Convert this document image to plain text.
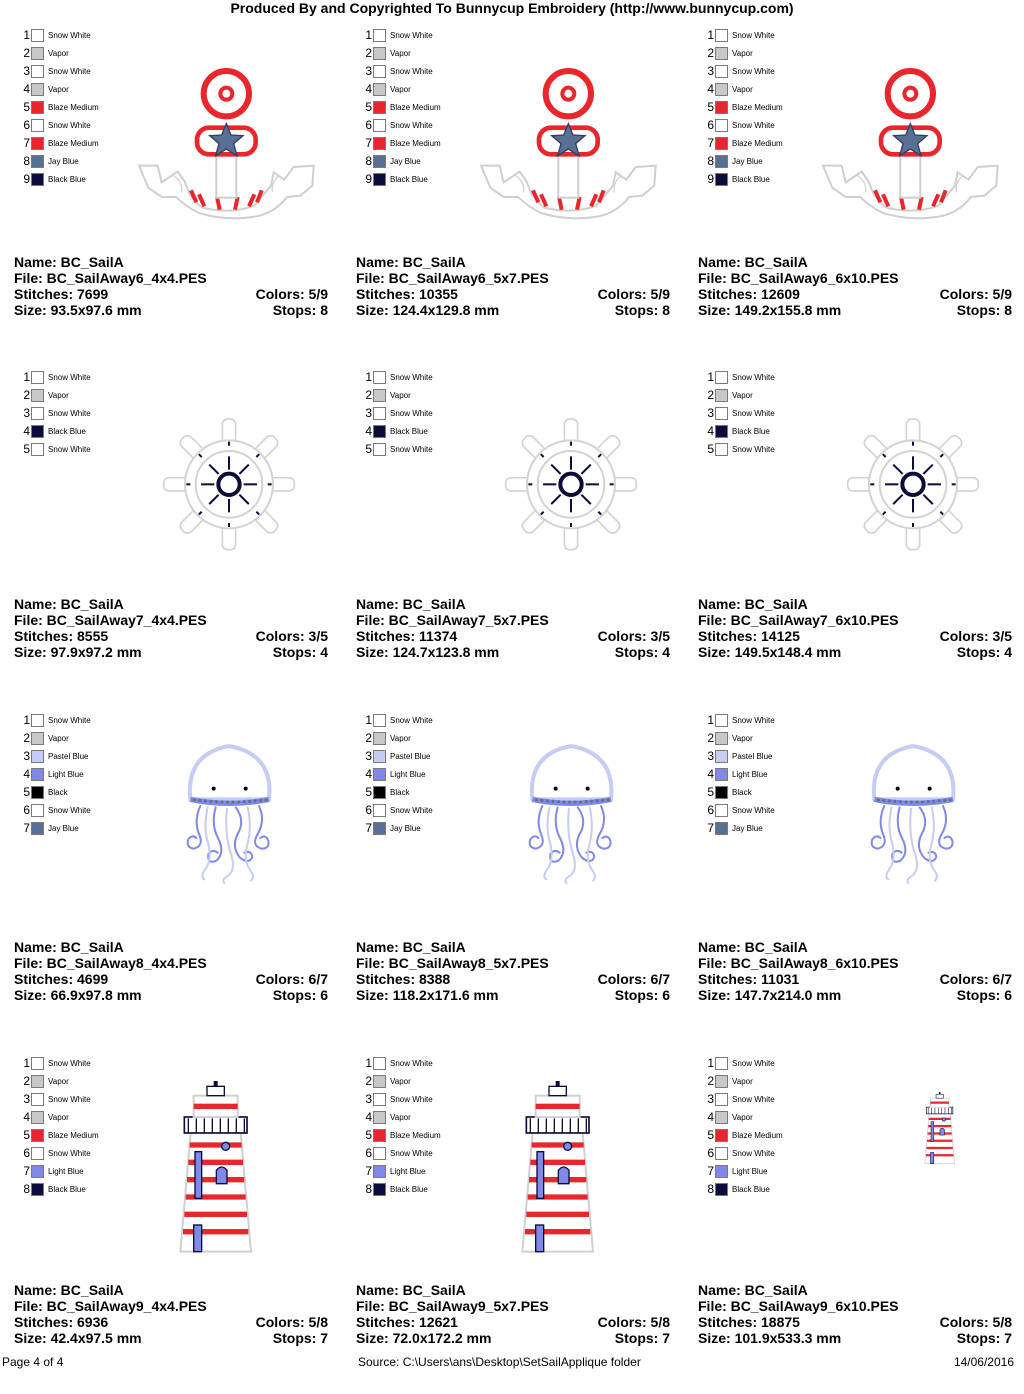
Produced By and Copyrighted To Bunnycup Embroidery (http://www.bunnycup.com)
1 Snow White
2 Vapor
3 Snow White
4 Vapor
5 Blaze Medium
6 Snow White
7 Blaze Medium
8 Jay Blue
9 Black Blue
Name: BC_SailA
File: BC_SailAway6_4x4.PES
Stitches: 7699	Colors: 5/9
Size: 93.5x97.6 mm	Stops: 8
1 Snow White
2 Vapor
3 Snow White
4 Vapor
5 Blaze Medium
6 Snow White
7 Blaze Medium
8 Jay Blue
9 Black Blue
Name: BC_SailA
File: BC_SailAway6_5x7.PES
Stitches: 10355	Colors: 5/9
Size: 124.4x129.8 mm	Stops: 8
1 Snow White
2 Vapor
3 Snow White
4 Vapor
5 Blaze Medium
6 Snow White
7 Blaze Medium
8 Jay Blue
9 Black Blue
Name: BC_SailA
File: BC_SailAway6_6x10.PES
Stitches: 12609	Colors: 5/9
Size: 149.2x155.8 mm	Stops: 8
1 Snow White
2 Vapor
3 Snow White
4 Black Blue
5 Snow White
Name: BC_SailA
File: BC_SailAway7_4x4.PES
Stitches: 8555	Colors: 3/5
Size: 97.9x97.2 mm	Stops: 4
1 Snow White
2 Vapor
3 Snow White
4 Black Blue
5 Snow White
Name: BC_SailA
File: BC_SailAway7_5x7.PES
Stitches: 11374	Colors: 3/5
Size: 124.7x123.8 mm	Stops: 4
1 Snow White
2 Vapor
3 Snow White
4 Black Blue
5 Snow White
Name: BC_SailA
File: BC_SailAway7_6x10.PES
Stitches: 14125	Colors: 3/5
Size: 149.5x148.4 mm	Stops: 4
1 Snow White
2 Vapor
3 Pastel Blue
4 Light Blue
5 Black
6 Snow White
7 Jay Blue
Name: BC_SailA
File: BC_SailAway8_4x4.PES
Stitches: 4699	Colors: 6/7
Size: 66.9x97.8 mm	Stops: 6
1 Snow White
2 Vapor
3 Pastel Blue
4 Light Blue
5 Black
6 Snow White
7 Jay Blue
Name: BC_SailA
File: BC_SailAway8_5x7.PES
Stitches: 8388	Colors: 6/7
Size: 118.2x171.6 mm	Stops: 6
1 Snow White
2 Vapor
3 Pastel Blue
4 Light Blue
5 Black
6 Snow White
7 Jay Blue
Name: BC_SailA
File: BC_SailAway8_6x10.PES
Stitches: 11031	Colors: 6/7
Size: 147.7x214.0 mm	Stops: 6
1 Snow White
2 Vapor
3 Snow White
4 Vapor
5 Blaze Medium
6 Snow White
7 Light Blue
8 Black Blue
Name: BC_SailA
File: BC_SailAway9_4x4.PES
Stitches: 6936	Colors: 5/8
Size: 42.4x97.5 mm	Stops: 7
1 Snow White
2 Vapor
3 Snow White
4 Vapor
5 Blaze Medium
6 Snow White
7 Light Blue
8 Black Blue
Name: BC_SailA
File: BC_SailAway9_5x7.PES
Stitches: 12621	Colors: 5/8
Size: 72.0x172.2 mm	Stops: 7
1 Snow White
2 Vapor
3 Snow White
4 Vapor
5 Blaze Medium
6 Snow White
7 Light Blue
8 Black Blue
Name: BC_SailA
File: BC_SailAway9_6x10.PES
Stitches: 18875	Colors: 5/8
Size: 101.9x533.3 mm	Stops: 7
Page 4 of 4	Source: C:\Users\ans\Desktop\SetSailApplique folder	14/06/2016
